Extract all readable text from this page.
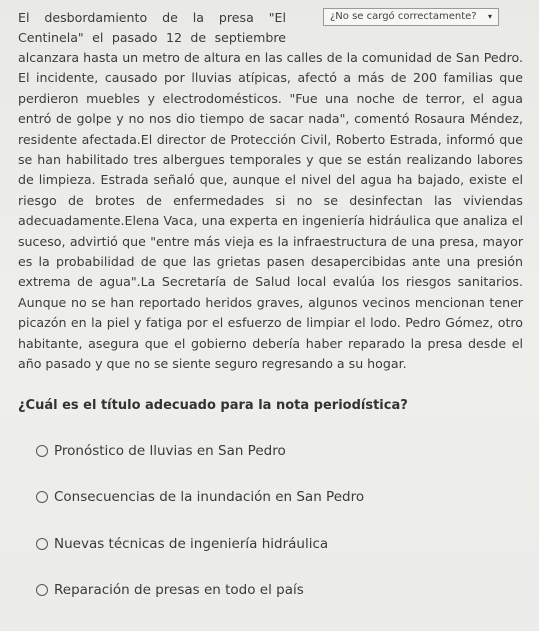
El desbordamiento de la presa "El Centinela" el pasado 12 de septiembre
alcanzara hasta un metro de altura en las calles de la comunidad de San Pedro. El incidente, causado por lluvias atípicas, afectó a más de 200 familias que perdieron muebles y electrodomésticos. "Fue una noche de terror, el agua entró de golpe y no nos dio tiempo de sacar nada", comentó Rosaura Méndez, residente afectada.El director de Protección Civil, Roberto Estrada, informó que se han habilitado tres albergues temporales y que se están realizando labores de limpieza. Estrada señaló que, aunque el nivel del agua ha bajado, existe el riesgo de brotes de enfermedades si no se desinfectan las viviendas adecuadamente.Elena Vaca, una experta en ingeniería hidráulica que analiza el suceso, advirtió que "entre más vieja es la infraestructura de una presa, mayor es la probabilidad de que las grietas pasen desapercibidas ante una presión extrema de agua".La Secretaría de Salud local evalúa los riesgos sanitarios. Aunque no se han reportado heridos graves, algunos vecinos mencionan tener picazón en la piel y fatiga por el esfuerzo de limpiar el lodo. Pedro Gómez, otro habitante, asegura que el gobierno debería haber reparado la presa desde el año pasado y que no se siente seguro regresando a su hogar.
¿No se cargó correctamente? ▾
¿Cuál es el título adecuado para la nota periodística?
Pronóstico de lluvias en San Pedro
Consecuencias de la inundación en San Pedro
Nuevas técnicas de ingeniería hidráulica
Reparación de presas en todo el país
